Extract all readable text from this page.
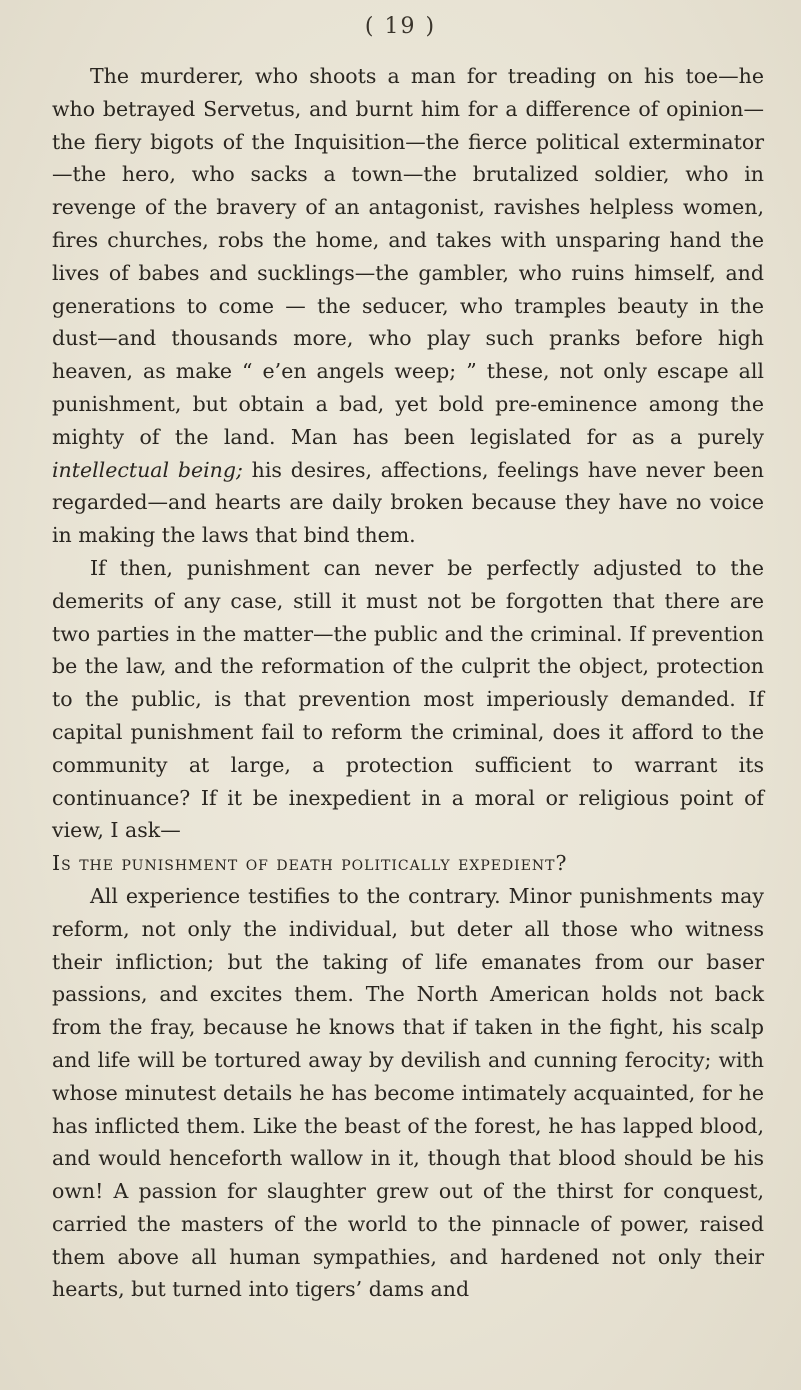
( 19 )

The murderer, who shoots a man for treading on his toe—he who betrayed Servetus, and burnt him for a difference of opinion—the fiery bigots of the Inquisition—the fierce political exterminator—the hero, who sacks a town—the brutalized soldier, who in revenge of the bravery of an antagonist, ravishes helpless women, fires churches, robs the home, and takes with unsparing hand the lives of babes and sucklings—the gambler, who ruins himself, and generations to come — the seducer, who tramples beauty in the dust—and thousands more, who play such pranks before high heaven, as make “ e’en angels weep; ” these, not only escape all punishment, but obtain a bad, yet bold pre-eminence among the mighty of the land. Man has been legislated for as a purely intellectual being; his desires, affections, feelings have never been regarded—and hearts are daily broken because they have no voice in making the laws that bind them.

If then, punishment can never be perfectly adjusted to the demerits of any case, still it must not be forgotten that there are two parties in the matter—the public and the criminal. If prevention be the law, and the reformation of the culprit the object, protection to the public, is that prevention most imperiously demanded. If capital punishment fail to reform the criminal, does it afford to the community at large, a protection sufficient to warrant its continuance? If it be inexpedient in a moral or religious point of view, I ask—

Is the punishment of death politically expedient?

All experience testifies to the contrary. Minor punishments may reform, not only the individual, but deter all those who witness their infliction; but the taking of life emanates from our baser passions, and excites them. The North American holds not back from the fray, because he knows that if taken in the fight, his scalp and life will be tortured away by devilish and cunning ferocity; with whose minutest details he has become intimately acquainted, for he has inflicted them. Like the beast of the forest, he has lapped blood, and would henceforth wallow in it, though that blood should be his own! A passion for slaughter grew out of the thirst for conquest, carried the masters of the world to the pinnacle of power, raised them above all human sympathies, and hardened not only their hearts, but turned into tigers’ dams and
